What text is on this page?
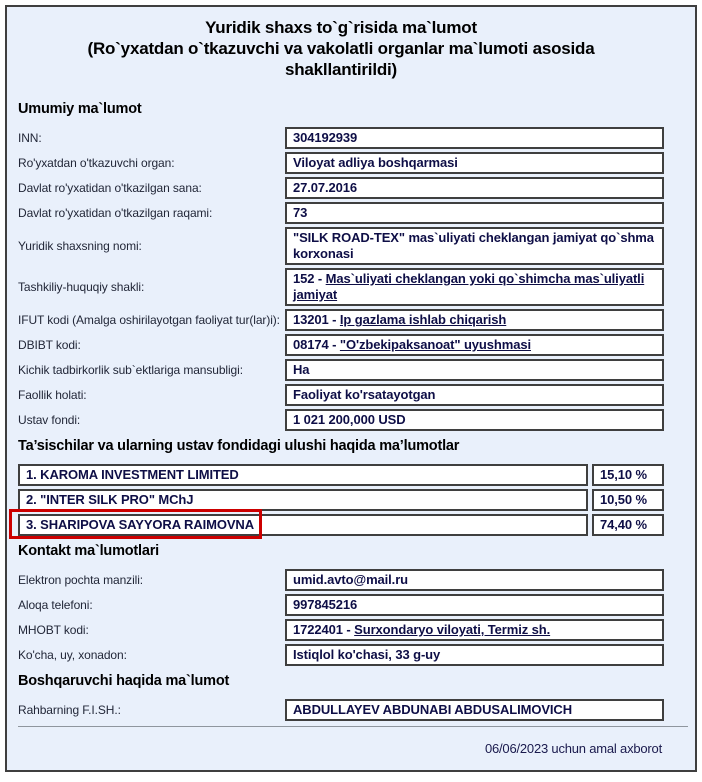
Yuridik shaxs to`g`risida ma`lumot
(Ro`yxatdan o`tkazuvchi va vakolatli organlar ma`lumoti asosida shakllantirildi)
Umumiy ma`lumot
INN:	304192939
Ro'yxatdan o'tkazuvchi organ:	Viloyat adliya boshqarmasi
Davlat ro'yxatidan o'tkazilgan sana:	27.07.2016
Davlat ro'yxatidan o'tkazilgan raqami:	73
Yuridik shaxsning nomi:
"SILK ROAD-TEX" mas`uliyati cheklangan jamiyat qo`shma korxonasi
Tashkiliy-huquqiy shakli:
152 - Mas`uliyati cheklangan yoki qo`shimcha mas`uliyatli jamiyat
IFUT kodi (Amalga oshirilayotgan faoliyat tur(lar)i):	13201 - Ip gazlama ishlab chiqarish
DBIBT kodi:	08174 - "O'zbekipaksanoat" uyushmasi
Kichik tadbirkorlik sub`ektlariga mansubligi:	Ha
Faollik holati:	Faoliyat ko'rsatayotgan
Ustav fondi:	1 021 200,000 USD
Ta’sischilar va ularning ustav fondidagi ulushi haqida ma’lumotlar
1. KAROMA INVESTMENT LIMITED	15,10 %
2. "INTER SILK PRO" MChJ	10,50 %
3. SHARIPOVA SAYYORA RAIMOVNA	74,40 %
Kontakt ma`lumotlari
Elektron pochta manzili:	umid.avto@mail.ru
Aloqa telefoni:	997845216
MHOBT kodi:	1722401 - Surxondaryo viloyati, Termiz sh.
Ko'cha, uy, xonadon:	Istiqlol ko'chasi, 33 g-uy
Boshqaruvchi haqida ma`lumot
Rahbarning F.I.SH.:	ABDULLAYEV ABDUNABI ABDUSALIMOVICH
06/06/2023 uchun amal axborot
